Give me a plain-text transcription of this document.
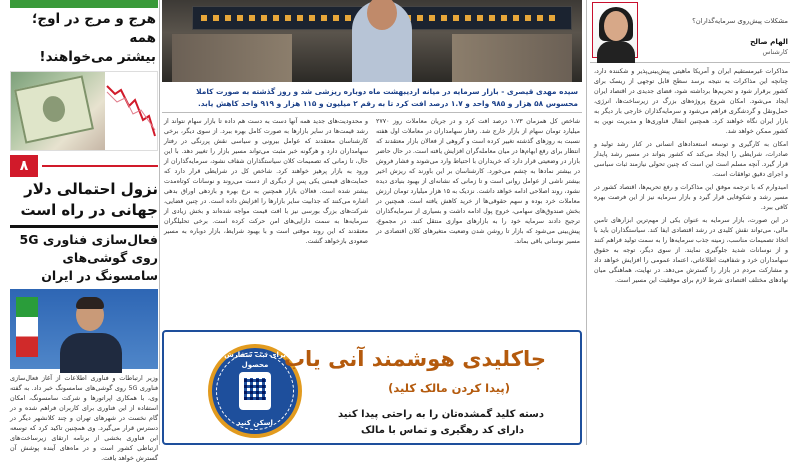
هرج و مرج در اوج؛ همه
بیشتر می‌خواهند!
۸
نزول احتمالی دلار جهانی در راه است
فعال‌سازی فناوری 5G روی گوشی‌های سامسونگ در ایران
وزیر ارتباطات و فناوری اطلاعات از آغاز فعال‌سازی فناوری 5G روی گوشی‌های سامسونگ خبر داد. به گفته وی، با همکاری اپراتورها و شرکت سامسونگ، امکان استفاده از این فناوری برای کاربران فراهم شده و در گام نخست در شهرهای تهران و چند کلانشهر دیگر در دسترس قرار می‌گیرد. وی همچنین تاکید کرد که توسعه این فناوری بخشی از برنامه ارتقای زیرساخت‌های ارتباطی کشور است و در ماه‌های آینده پوشش آن گسترش خواهد یافت.
سیده مهدی قیصری - بازار سرمایه در میانه اردیبهشت ماه دوباره ریزشی شد و روز گذشته به صورت کاملا محسوس ۵۸ هزار و ۹۸۵ واحد و ۱.۷ درصد افت کرد تا به رقم ۲ میلیون و ۱۱۵ هزار و ۹۱۹ واحد کاهش یابد.
شاخص کل همزمان ۱.۷۳ درصد افت کرد و در جریان معاملات روز ۲۷۷۰ میلیارد تومان سهام از بازار خارج شد. رفتار سهامداران در معاملات اول هفته نسبت به روزهای گذشته تغییر کرده است و گروهی از فعالان بازار معتقدند که انتظار برای رفع ابهام‌ها در میان معامله‌گران افزایش یافته است. در حال حاضر بازار در وضعیتی قرار دارد که خریداران با احتیاط وارد می‌شوند و فشار فروش در بیشتر نمادها به چشم می‌خورد. کارشناسان بر این باورند که ریزش اخیر بیشتر ناشی از عوامل روانی است و تا زمانی که نشانه‌ای از بهبود بنیادی دیده نشود، روند اصلاحی ادامه خواهد داشت. نزدیک به ۱۵ هزار میلیارد تومان ارزش معاملات خرد بوده و سهم حقوقی‌ها از خرید کاهش یافته است. همچنین در بخش صندوق‌های سهامی، خروج پول ادامه داشت و بسیاری از سرمایه‌گذاران ترجیح دادند سرمایه خود را به بازارهای موازی منتقل کنند. در مجموع، پیش‌بینی می‌شود که بازار تا روشن شدن وضعیت متغیرهای کلان اقتصادی در مسیر نوسانی باقی بماند.
و محدودیت‌های جدید همه آنها دست به دست هم داده تا بازار سهام نتواند از رشد قیمت‌ها در سایر بازارها به صورت کامل بهره ببرد. از سوی دیگر، برخی کارشناسان معتقدند که عوامل بیرونی و سیاسی نقش پررنگی در رفتار سهامداران دارد و هرگونه خبر مثبت می‌تواند مسیر بازار را تغییر دهد. با این حال، تا زمانی که تصمیمات کلان سیاستگذاران شفاف نشود، سرمایه‌گذاران از ورود به بازار پرهیز خواهند کرد. شاخص کل در شرایطی قرار دارد که حمایت‌های قیمتی یکی پس از دیگری از دست می‌روند و نوسانات کوتاه‌مدت بیشتر شده است. فعالان بازار همچنین به نرخ بهره و بازدهی اوراق بدهی اشاره می‌کنند که جذابیت سایر بازارها را افزایش داده است. در چنین فضایی، شرکت‌های بزرگ بورسی نیز با افت قیمت مواجه شده‌اند و بخش زیادی از سرمایه‌ها به سمت دارایی‌های امن حرکت کرده است. برخی تحلیلگران معتقدند که این روند موقتی است و با بهبود شرایط، بازار دوباره به مسیر صعودی بازخواهد گشت.
برای ثبت سفارش محصول
اسکن کنید
جاکلیدی هوشمند آنی یاب
(پیدا کردن مالک کلید)
دسته کلید گمشده‌تان را به راحتی پیدا کنید
دارای کد رهگیری و تماس با مالک
مشکلات پیش‌روی سرمایه‌گذاران؟
الهام صالح
کارشناس
مذاکرات غیرمستقیم ایران و آمریکا ماهیتی پیش‌بینی‌پذیر و شکننده دارد، چنانچه این مذاکرات به نتیجه برسد سطح قابل توجهی از ریسک برای کشور برقرار شود و تحریم‌ها برداشته شود، فضای جدیدی در اقتصاد ایران ایجاد می‌شود. امکان شروع پروژه‌های بزرگ در زیرساخت‌ها، انرژی، حمل‌ونقل و گردشگری فراهم می‌شود و سرمایه‌گذاران خارجی بار دیگر به بازار ایران نگاه خواهند کرد. همچنین انتقال فناوری‌ها و مدیریت نوین به کشور ممکن خواهد شد.
امکان به کارگیری و توسعه استعدادهای انسانی در کنار رشد تولید و صادرات، شرایطی را ایجاد می‌کند که کشور بتواند در مسیر رشد پایدار قرار گیرد. آنچه مسلم است این است که چنین تحولی نیازمند ثبات سیاسی و اجرای دقیق توافقات است.
امیدوارم که با ترجمه موفق این مذاکرات و رفع تحریم‌ها، اقتصاد کشور در مسیر رشد و شکوفایی قرار گیرد و بازار سرمایه نیز از این فرصت بهره کافی ببرد.
در این صورت، بازار سرمایه به عنوان یکی از مهم‌ترین ابزارهای تامین مالی، می‌تواند نقش کلیدی در رشد اقتصادی ایفا کند. سیاستگذاران باید با اتخاذ تصمیمات مناسب، زمینه جذب سرمایه‌ها را به سمت تولید فراهم کنند و از نوسانات شدید جلوگیری نمایند. از سوی دیگر، توجه به حقوق سهامداران خرد و شفافیت اطلاعاتی، اعتماد عمومی را افزایش خواهد داد و مشارکت مردم در بازار را گسترش می‌دهد. در نهایت، هماهنگی میان نهادهای مختلف اقتصادی شرط لازم برای موفقیت این مسیر است.
